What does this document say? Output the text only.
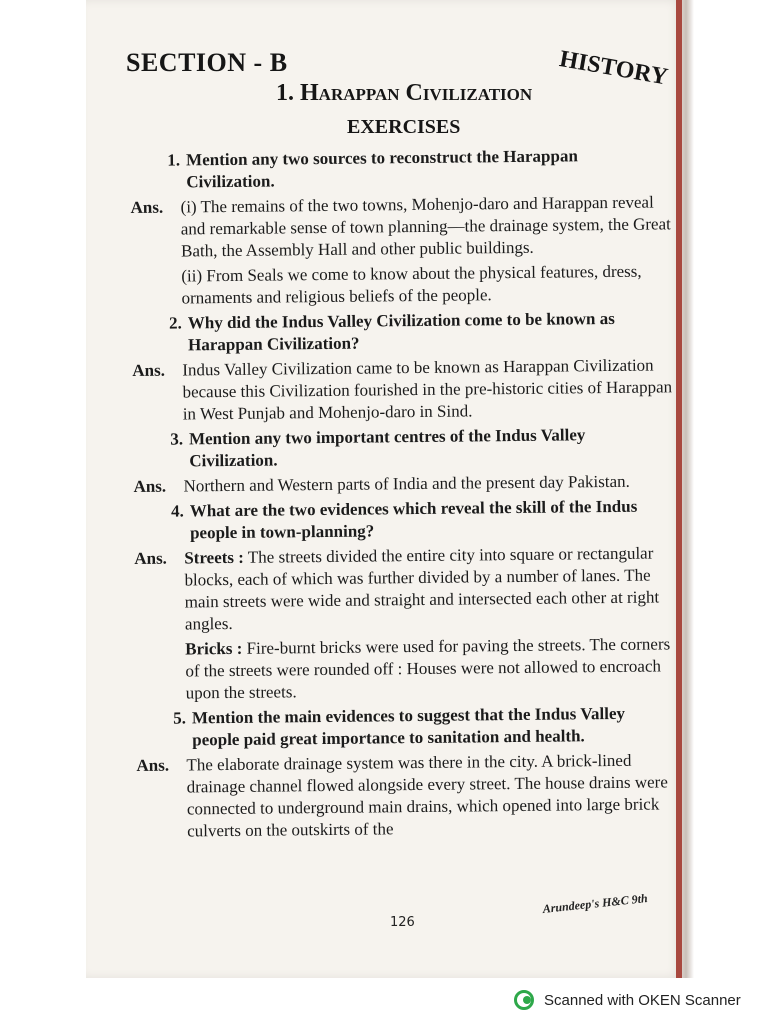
SECTION - B	HISTORY
1. Harappan Civilization
EXERCISES
1. Mention any two sources to reconstruct the Harappan Civilization.
Ans.	(i) The remains of the two towns, Mohenjo-daro and Harappan reveal and remarkable sense of town planning—the drainage system, the Great Bath, the Assembly Hall and other public buildings.
(ii) From Seals we come to know about the physical features, dress, ornaments and religious beliefs of the people.
2. Why did the Indus Valley Civilization come to be known as Harappan Civilization?
Ans.	Indus Valley Civilization came to be known as Harappan Civilization because this Civilization fourished in the pre-historic cities of Harappan in West Punjab and Mohenjo-daro in Sind.
3. Mention any two important centres of the Indus Valley Civilization.
Ans.	Northern and Western parts of India and the present day Pakistan.
4. What are the two evidences which reveal the skill of the Indus people in town-planning?
Ans.	Streets : The streets divided the entire city into square or rectangular blocks, each of which was further divided by a number of lanes. The main streets were wide and straight and intersected each other at right angles.
Bricks : Fire-burnt bricks were used for paving the streets. The corners of the streets were rounded off : Houses were not allowed to encroach upon the streets.
5. Mention the main evidences to suggest that the Indus Valley people paid great importance to sanitation and health.
Ans.	The elaborate drainage system was there in the city. A brick-lined drainage channel flowed alongside every street. The house drains were connected to underground main drains, which opened into large brick culverts on the outskirts of the
126
Arundeep's H&C 9th
Scanned with OKEN Scanner
